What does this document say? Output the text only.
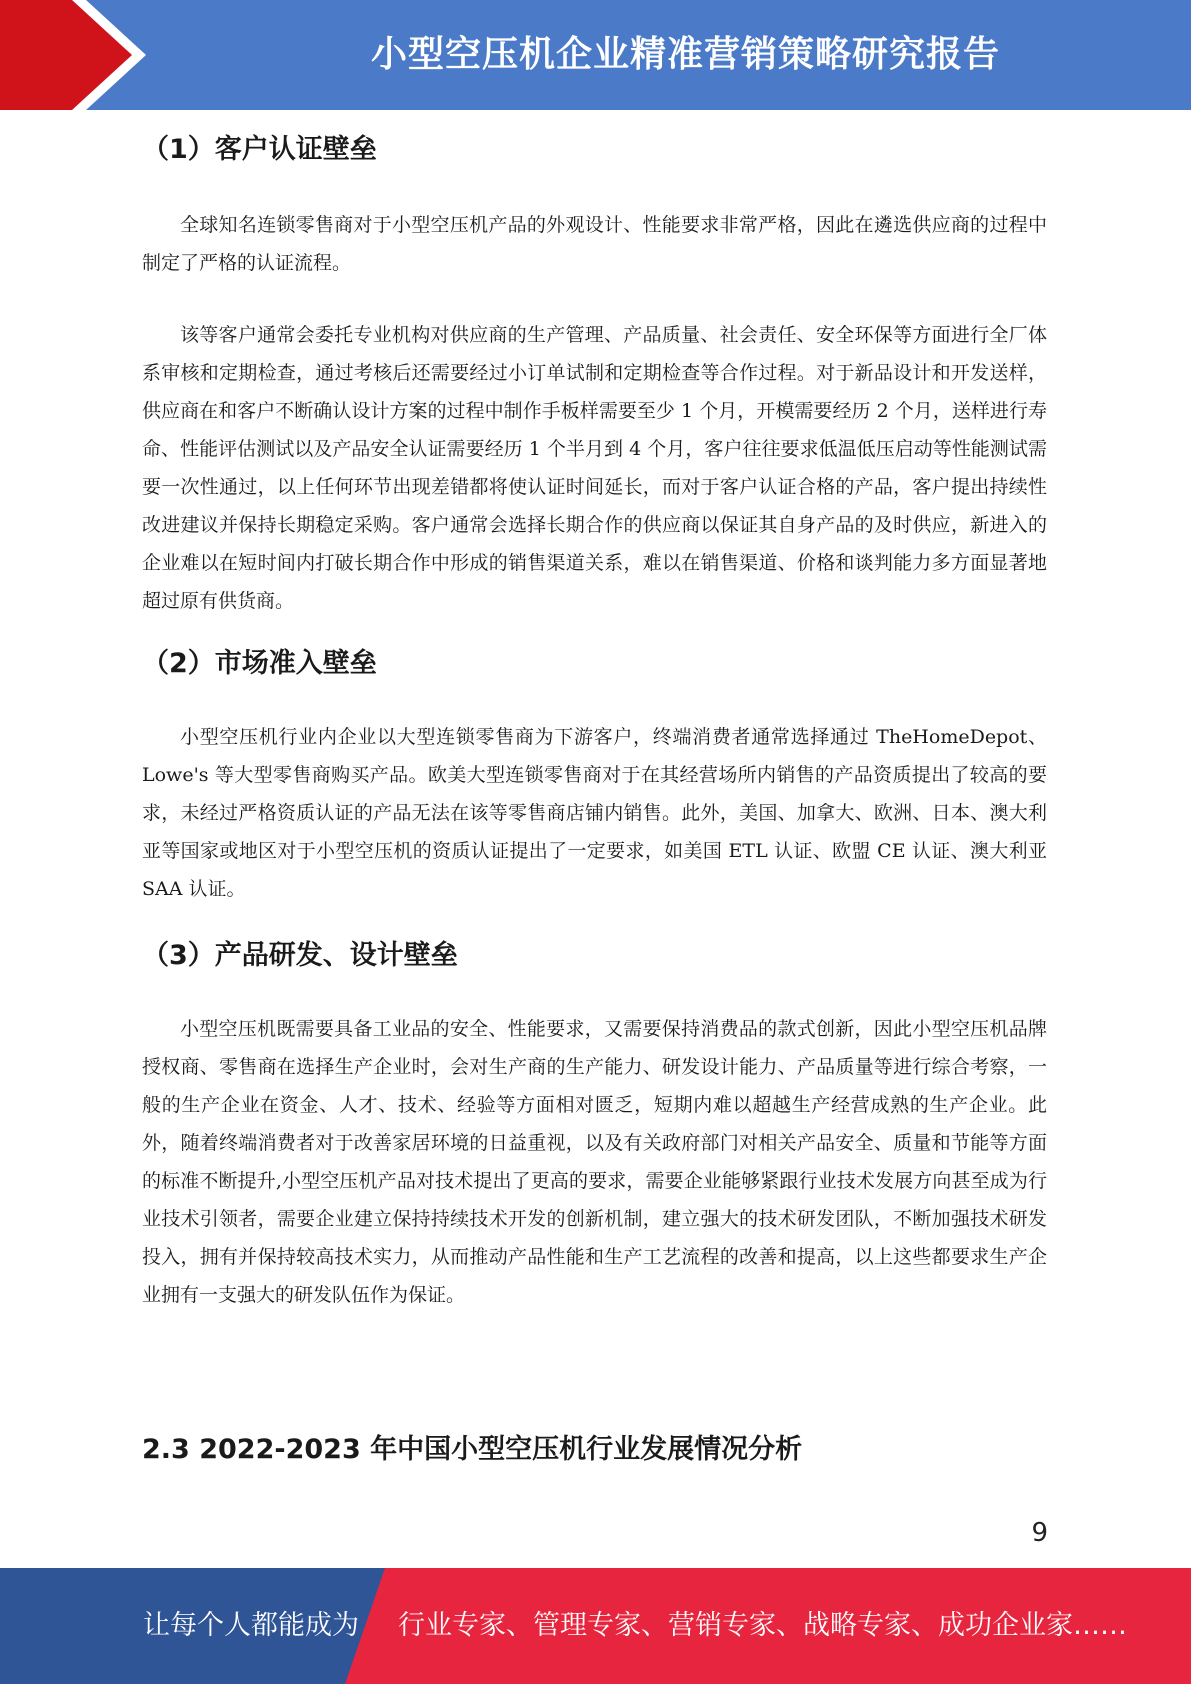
小型空压机企业精准营销策略研究报告
（1）客户认证壁垒

全球知名连锁零售商对于小型空压机产品的外观设计、性能要求非常严格，因此在遴选供应商的过程中制定了严格的认证流程。

该等客户通常会委托专业机构对供应商的生产管理、产品质量、社会责任、安全环保等方面进行全厂体系审核和定期检查，通过考核后还需要经过小订单试制和定期检查等合作过程。对于新品设计和开发送样，供应商在和客户不断确认设计方案的过程中制作手板样需要至少 1 个月，开模需要经历 2 个月，送样进行寿命、性能评估测试以及产品安全认证需要经历 1 个半月到 4 个月，客户往往要求低温低压启动等性能测试需要一次性通过，以上任何环节出现差错都将使认证时间延长，而对于客户认证合格的产品，客户提出持续性改进建议并保持长期稳定采购。客户通常会选择长期合作的供应商以保证其自身产品的及时供应，新进入的企业难以在短时间内打破长期合作中形成的销售渠道关系，难以在销售渠道、价格和谈判能力多方面显著地超过原有供货商。

（2）市场准入壁垒

小型空压机行业内企业以大型连锁零售商为下游客户，终端消费者通常选择通过 TheHomeDepot、Lowe's 等大型零售商购买产品。欧美大型连锁零售商对于在其经营场所内销售的产品资质提出了较高的要求，未经过严格资质认证的产品无法在该等零售商店铺内销售。此外，美国、加拿大、欧洲、日本、澳大利亚等国家或地区对于小型空压机的资质认证提出了一定要求，如美国 ETL 认证、欧盟 CE 认证、澳大利亚 SAA 认证。

（3）产品研发、设计壁垒

小型空压机既需要具备工业品的安全、性能要求，又需要保持消费品的款式创新，因此小型空压机品牌授权商、零售商在选择生产企业时，会对生产商的生产能力、研发设计能力、产品质量等进行综合考察，一般的生产企业在资金、人才、技术、经验等方面相对匮乏，短期内难以超越生产经营成熟的生产企业。此外，随着终端消费者对于改善家居环境的日益重视，以及有关政府部门对相关产品安全、质量和节能等方面的标准不断提升,小型空压机产品对技术提出了更高的要求，需要企业能够紧跟行业技术发展方向甚至成为行业技术引领者，需要企业建立保持持续技术开发的创新机制，建立强大的技术研发团队，不断加强技术研发投入，拥有并保持较高技术实力，从而推动产品性能和生产工艺流程的改善和提高，以上这些都要求生产企业拥有一支强大的研发队伍作为保证。

2.3 2022-2023 年中国小型空压机行业发展情况分析
9
让每个人都能成为 行业专家、管理专家、营销专家、战略专家、成功企业家……
